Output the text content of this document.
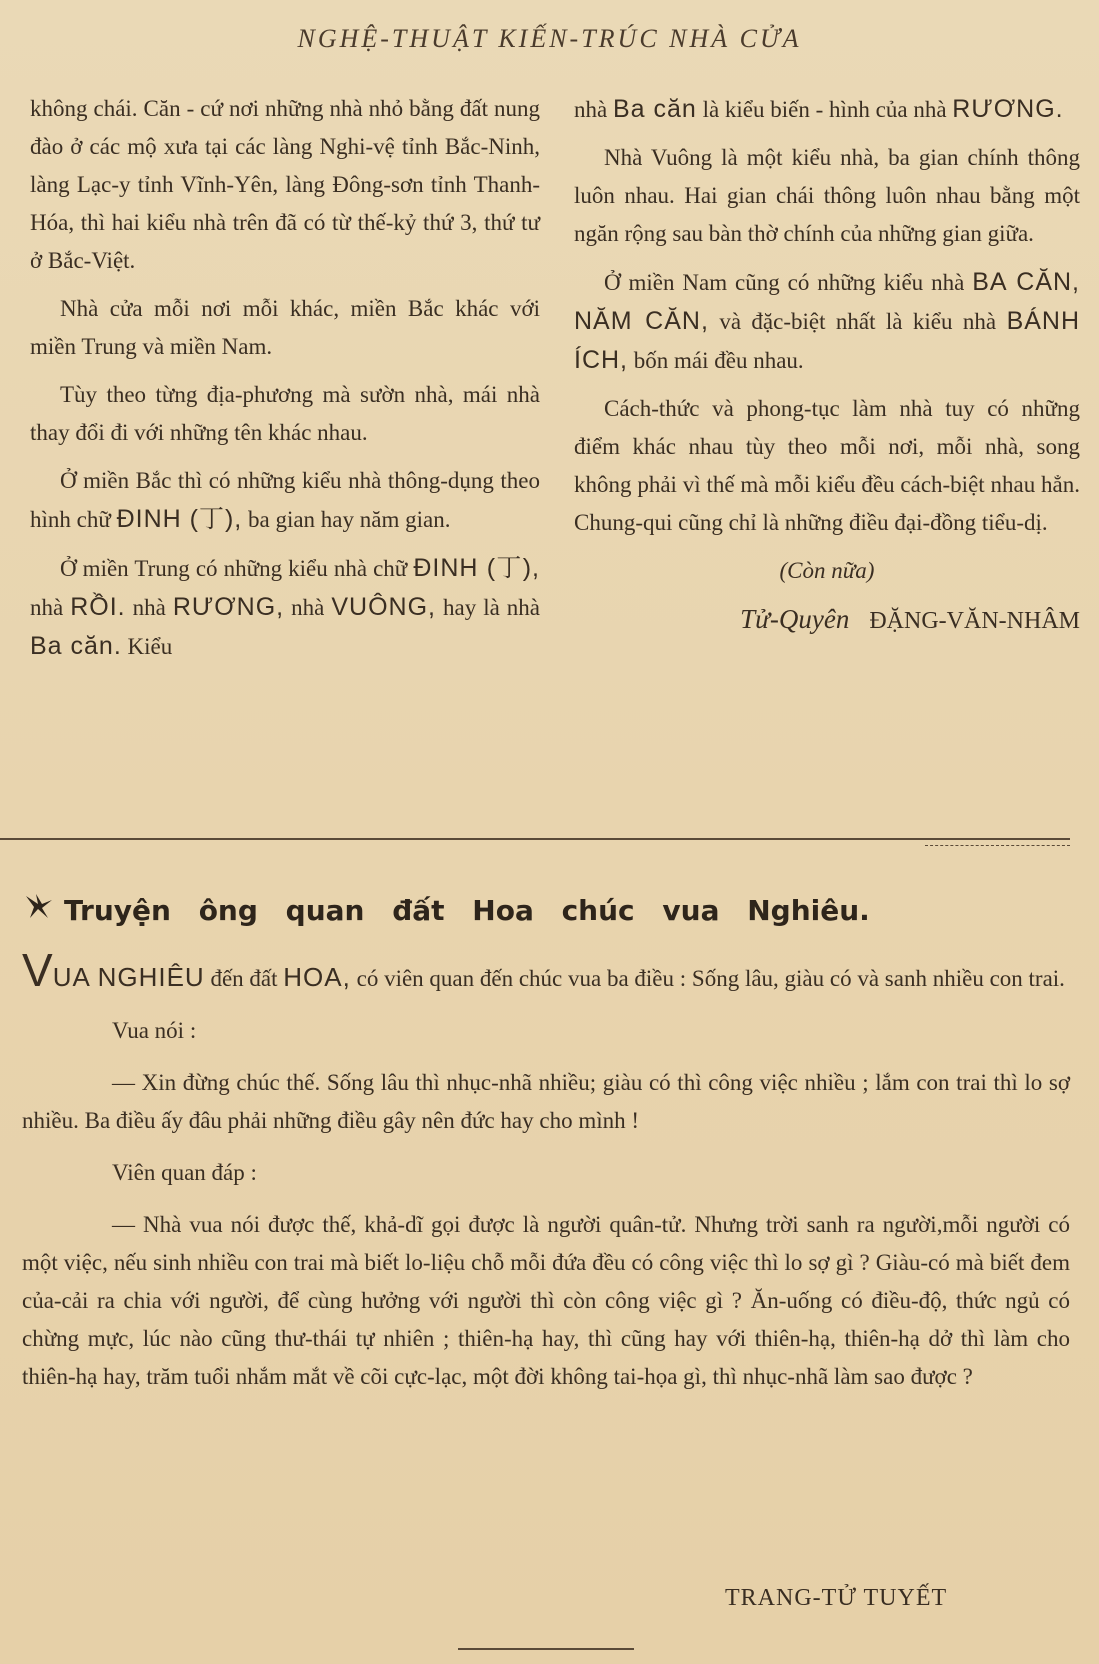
NGHỆ-THUẬT KIẾN-TRÚC NHÀ CỬA

không chái. Căn - cứ nơi những nhà nhỏ bằng đất nung đào ở các mộ xưa tại các làng Nghi-vệ tỉnh Bắc-Ninh, làng Lạc-y tỉnh Vĩnh-Yên, làng Đông-sơn tỉnh Thanh-Hóa, thì hai kiểu nhà trên đã có từ thế-kỷ thứ 3, thứ tư ở Bắc-Việt.

Nhà cửa mỗi nơi mỗi khác, miền Bắc khác với miền Trung và miền Nam.

Tùy theo từng địa-phương mà sườn nhà, mái nhà thay đổi đi với những tên khác nhau.

Ở miền Bắc thì có những kiểu nhà thông-dụng theo hình chữ ĐINH (丁), ba gian hay năm gian.

Ở miền Trung có những kiểu nhà chữ ĐINH (丁), nhà RỒI. nhà RƯƠNG, nhà VUÔNG, hay là nhà Ba căn. Kiểu

nhà Ba căn là kiểu biến - hình của nhà RƯƠNG.

Nhà Vuông là một kiểu nhà, ba gian chính thông luôn nhau. Hai gian chái thông luôn nhau bằng một ngăn rộng sau bàn thờ chính của những gian giữa.

Ở miền Nam cũng có những kiểu nhà BA CĂN, NĂM CĂN, và đặc-biệt nhất là kiểu nhà BÁNH ÍCH, bốn mái đều nhau.

Cách-thức và phong-tục làm nhà tuy có những điểm khác nhau tùy theo mỗi nơi, mỗi nhà, song không phải vì thế mà mỗi kiểu đều cách-biệt nhau hẳn. Chung-qui cũng chỉ là những điều đại-đồng tiểu-dị.

(Còn nữa)

Tử-Quyên ĐẶNG-VĂN-NHÂM

Truyện ông quan đất Hoa chúc vua Nghiêu.

VUA NGHIÊU đến đất HOA, có viên quan đến chúc vua ba điều : Sống lâu, giàu có và sanh nhiều con trai.

Vua nói :

— Xin đừng chúc thế. Sống lâu thì nhục-nhã nhiều; giàu có thì công việc nhiều ; lắm con trai thì lo sợ nhiều. Ba điều ấy đâu phải những điều gây nên đức hay cho mình !

Viên quan đáp :

— Nhà vua nói được thế, khả-dĩ gọi được là người quân-tử. Nhưng trời sanh ra người,mỗi người có một việc, nếu sinh nhiều con trai mà biết lo-liệu chỗ mỗi đứa đều có công việc thì lo sợ gì ? Giàu-có mà biết đem của-cải ra chia với người, để cùng hưởng với người thì còn công việc gì ? Ăn-uống có điều-độ, thức ngủ có chừng mực, lúc nào cũng thư-thái tự nhiên ; thiên-hạ hay, thì cũng hay với thiên-hạ, thiên-hạ dở thì làm cho thiên-hạ hay, trăm tuổi nhắm mắt về cõi cực-lạc, một đời không tai-họa gì, thì nhục-nhã làm sao được ?

TRANG-TỬ TUYẾT
